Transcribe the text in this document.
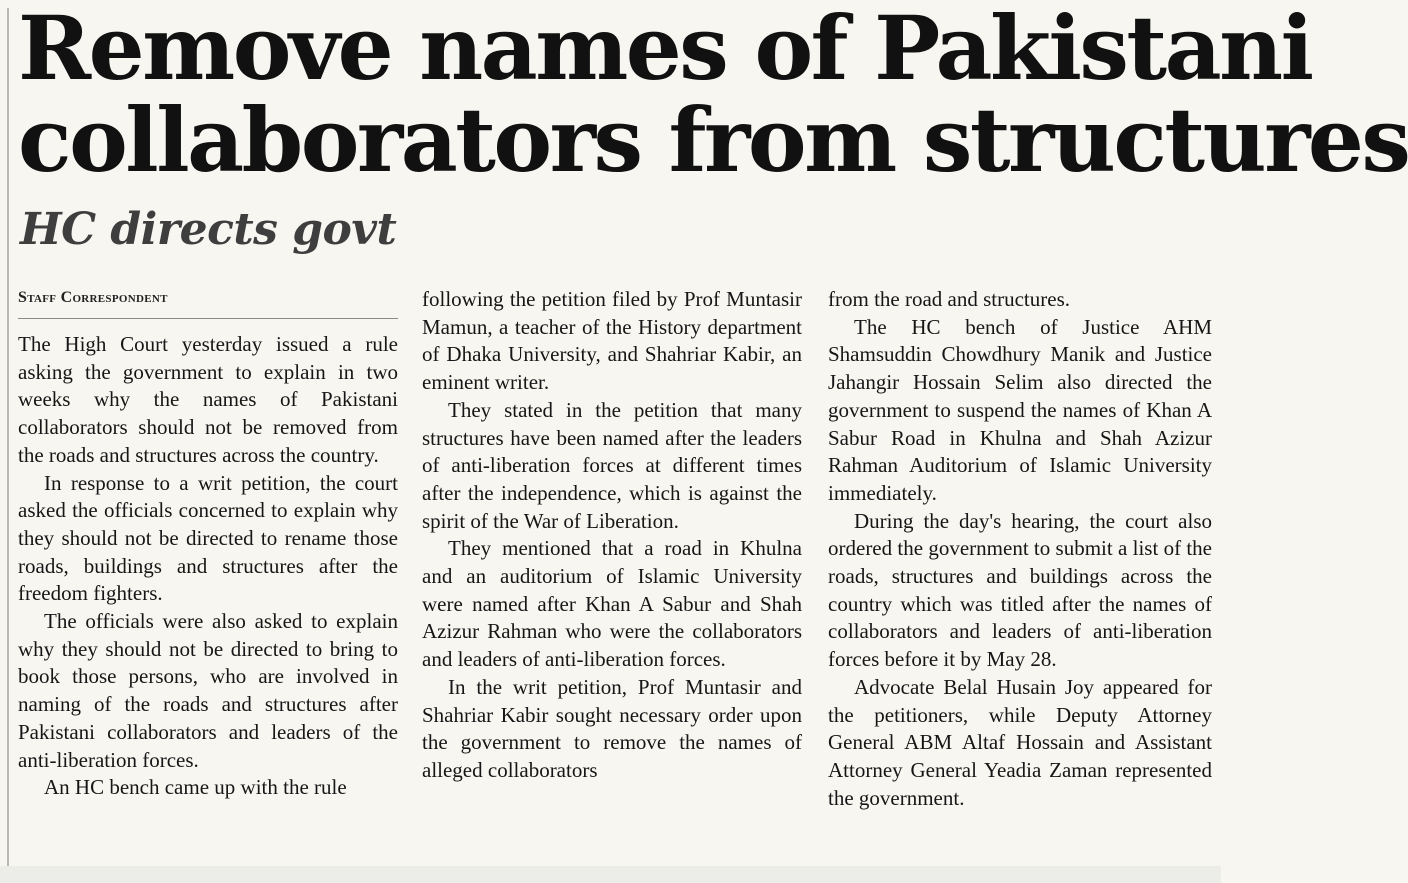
Remove names of Pakistani
collaborators from structures
HC directs govt
Staff Correspondent

The High Court yesterday issued a rule asking the government to explain in two weeks why the names of Pakistani collaborators should not be removed from the roads and structures across the country.

In response to a writ petition, the court asked the officials concerned to explain why they should not be directed to rename those roads, buildings and structures after the freedom fighters.

The officials were also asked to explain why they should not be directed to bring to book those persons, who are involved in naming of the roads and structures after Pakistani collaborators and leaders of the anti-liberation forces.

An HC bench came up with the rule

following the petition filed by Prof Muntasir Mamun, a teacher of the History department of Dhaka University, and Shahriar Kabir, an eminent writer.

They stated in the petition that many structures have been named after the leaders of anti-liberation forces at different times after the independence, which is against the spirit of the War of Liberation.

They mentioned that a road in Khulna and an auditorium of Islamic University were named after Khan A Sabur and Shah Azizur Rahman who were the collaborators and leaders of anti-liberation forces.

In the writ petition, Prof Muntasir and Shahriar Kabir sought necessary order upon the government to remove the names of alleged collaborators

from the road and structures.

The HC bench of Justice AHM Shamsuddin Chowdhury Manik and Justice Jahangir Hossain Selim also directed the government to suspend the names of Khan A Sabur Road in Khulna and Shah Azizur Rahman Auditorium of Islamic University immediately.

During the day's hearing, the court also ordered the government to submit a list of the roads, structures and buildings across the country which was titled after the names of collaborators and leaders of anti-liberation forces before it by May 28.

Advocate Belal Husain Joy appeared for the petitioners, while Deputy Attorney General ABM Altaf Hossain and Assistant Attorney General Yeadia Zaman represented the government.
